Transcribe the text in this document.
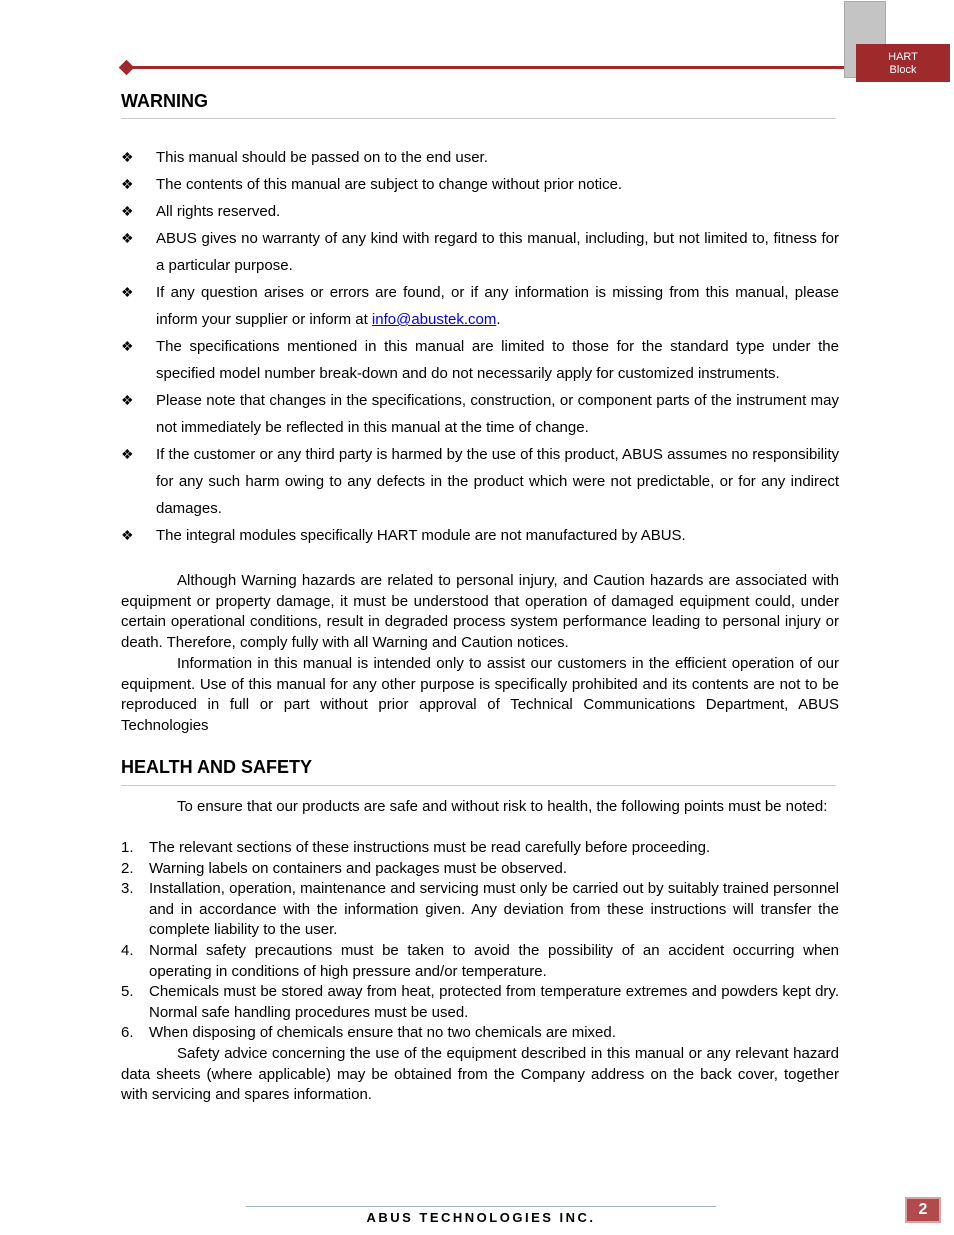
HART
Block
WARNING
❖ This manual should be passed on to the end user.
❖ The contents of this manual are subject to change without prior notice.
❖ All rights reserved.
❖ ABUS gives no warranty of any kind with regard to this manual, including, but not limited to, fitness for a particular purpose.
❖ If any question arises or errors are found, or if any information is missing from this manual, please inform your supplier or inform at info@abustek.com.
❖ The specifications mentioned in this manual are limited to those for the standard type under the specified model number break-down and do not necessarily apply for customized instruments.
❖ Please note that changes in the specifications, construction, or component parts of the instrument may not immediately be reflected in this manual at the time of change.
❖ If the customer or any third party is harmed by the use of this product, ABUS assumes no responsibility for any such harm owing to any defects in the product which were not predictable, or for any indirect damages.
❖ The integral modules specifically HART module are not manufactured by ABUS.

Although Warning hazards are related to personal injury, and Caution hazards are associated with equipment or property damage, it must be understood that operation of damaged equipment could, under certain operational conditions, result in degraded process system performance leading to personal injury or death. Therefore, comply fully with all Warning and Caution notices.

Information in this manual is intended only to assist our customers in the efficient operation of our equipment. Use of this manual for any other purpose is specifically prohibited and its contents are not to be reproduced in full or part without prior approval of Technical Communications Department, ABUS Technologies

HEALTH AND SAFETY

To ensure that our products are safe and without risk to health, the following points must be noted:

1. The relevant sections of these instructions must be read carefully before proceeding.
2. Warning labels on containers and packages must be observed.
3. Installation, operation, maintenance and servicing must only be carried out by suitably trained personnel and in accordance with the information given. Any deviation from these instructions will transfer the complete liability to the user.
4. Normal safety precautions must be taken to avoid the possibility of an accident occurring when operating in conditions of high pressure and/or temperature.
5. Chemicals must be stored away from heat, protected from temperature extremes and powders kept dry. Normal safe handling procedures must be used.
6. When disposing of chemicals ensure that no two chemicals are mixed.

Safety advice concerning the use of the equipment described in this manual or any relevant hazard data sheets (where applicable) may be obtained from the Company address on the back cover, together with servicing and spares information.

ABUS TECHNOLOGIES INC.	2
